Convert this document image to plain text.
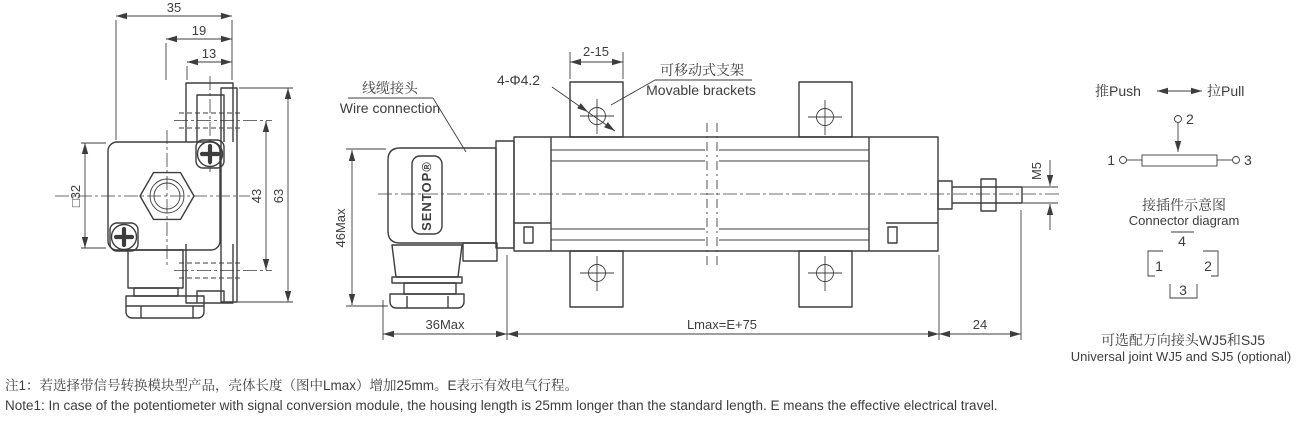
35
19
13
□32	43 63	SENTOP®
线缆接头
Wire connection
4-Φ4.2
可移动式支架
Movable brackets
2-15
46Max
M5
36Max	Lmax=E+75	24
推Push	拉Pull
2
1	3
接插件示意图
Connector diagram
4
1	2
3
可选配万向接头WJ5和SJ5
Universal joint WJ5 and SJ5 (optional)
注1：若选择带信号转换模块型产品，壳体长度（图中Lmax）增加25mm。E表示有效电气行程。
Note1: In case of the potentiometer with signal conversion module, the housing length is 25mm longer than the standard length. E means the effective electrical travel.
